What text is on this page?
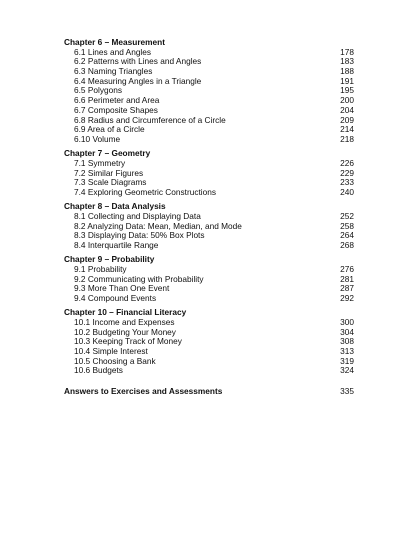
Chapter 6 – Measurement
6.1 Lines and Angles	178
6.2 Patterns with Lines and Angles	183
6.3 Naming Triangles	188
6.4 Measuring Angles in a Triangle	191
6.5 Polygons	195
6.6 Perimeter and Area	200
6.7 Composite Shapes	204
6.8 Radius and Circumference of a Circle	209
6.9 Area of a Circle	214
6.10 Volume	218
Chapter 7 – Geometry
7.1 Symmetry	226
7.2 Similar Figures	229
7.3 Scale Diagrams	233
7.4 Exploring Geometric Constructions	240
Chapter 8 – Data Analysis
8.1 Collecting and Displaying Data	252
8.2 Analyzing Data: Mean, Median, and Mode	258
8.3 Displaying Data: 50% Box Plots	264
8.4 Interquartile Range	268
Chapter 9 – Probability
9.1 Probability	276
9.2 Communicating with Probability	281
9.3 More Than One Event	287
9.4 Compound Events	292
Chapter 10 – Financial Literacy
10.1 Income and Expenses	300
10.2 Budgeting Your Money	304
10.3 Keeping Track of Money	308
10.4 Simple Interest	313
10.5 Choosing a Bank	319
10.6 Budgets	324
Answers to Exercises and Assessments	335
